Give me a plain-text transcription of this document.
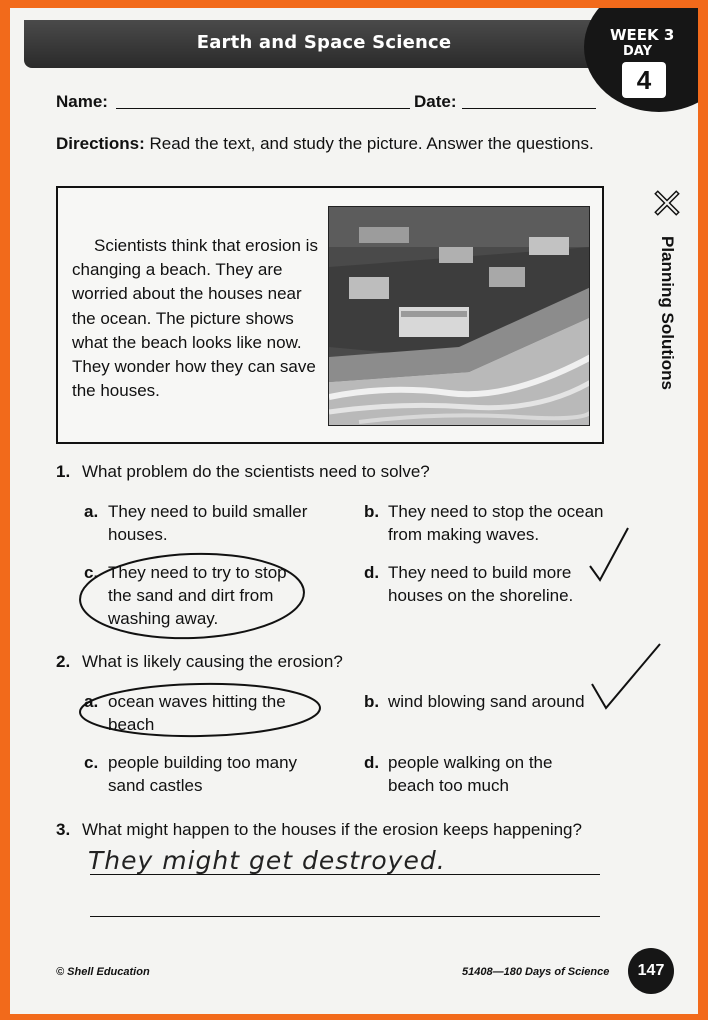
Earth and Space Science	WEEK 3
DAY
4
Name:	Date:
Directions: Read the text, and study the picture. Answer the questions.
Scientists think that erosion is changing a beach. They are worried about the houses near the ocean. The picture shows what the beach looks like now. They wonder how they can save the houses.
Planning Solutions
1. What problem do the scientists need to solve?
a. They need to build smaller houses.
b. They need to stop the ocean from making waves.
c. They need to try to stop the sand and dirt from washing away.
d. They need to build more houses on the shoreline.
2. What is likely causing the erosion?
a. ocean waves hitting the beach
b. wind blowing sand around
c. people building too many sand castles
d. people walking on the beach too much
3. What might happen to the houses if the erosion keeps happening?
They might get destroyed.
© Shell Education	51408—180 Days of Science	147
